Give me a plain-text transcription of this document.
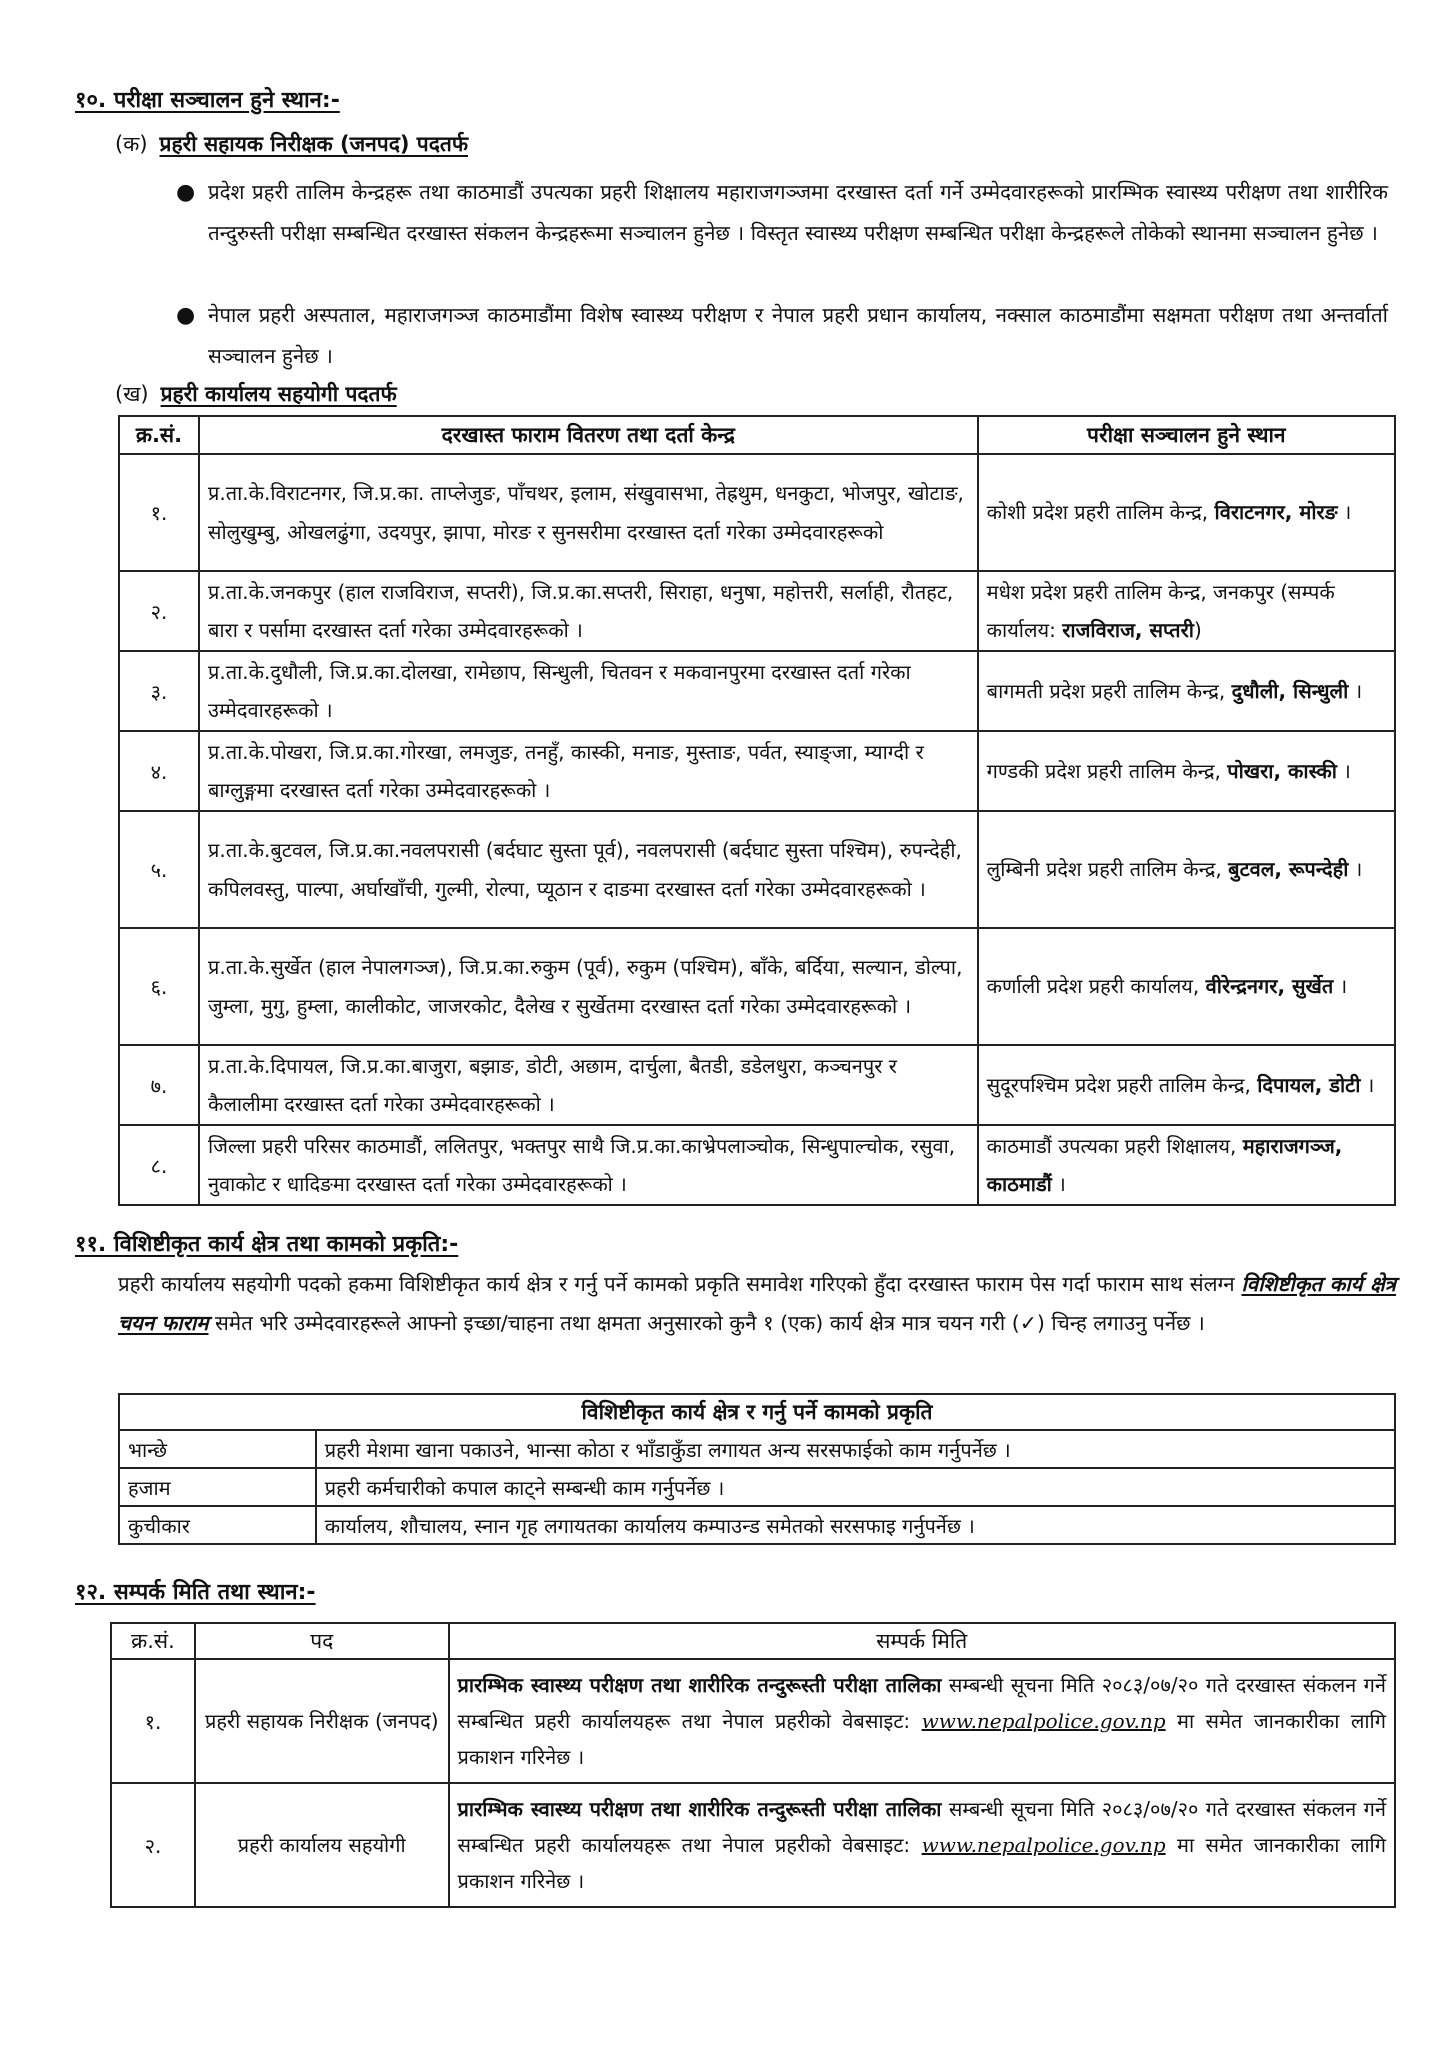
१०. परीक्षा सञ्चालन हुने स्थान:-
(क) प्रहरी सहायक निरीक्षक (जनपद) पदतर्फ
● प्रदेश प्रहरी तालिम केन्द्रहरू तथा काठमाडौं उपत्यका प्रहरी शिक्षालय महाराजगञ्जमा दरखास्त दर्ता गर्ने उम्मेदवारहरूको प्रारम्भिक स्वास्थ्य परीक्षण तथा शारीरिक तन्दुरुस्ती परीक्षा सम्बन्धित दरखास्त संकलन केन्द्रहरूमा सञ्चालन हुनेछ । विस्तृत स्वास्थ्य परीक्षण सम्बन्धित परीक्षा केन्द्रहरूले तोकेको स्थानमा सञ्चालन हुनेछ ।
● नेपाल प्रहरी अस्पताल, महाराजगञ्ज काठमाडौंमा विशेष स्वास्थ्य परीक्षण र नेपाल प्रहरी प्रधान कार्यालय, नक्साल काठमाडौंमा सक्षमता परीक्षण तथा अन्तर्वार्ता सञ्चालन हुनेछ ।
(ख) प्रहरी कार्यालय सहयोगी पदतर्फ
क्र.सं.	दरखास्त फाराम वितरण तथा दर्ता केन्द्र	परीक्षा सञ्चालन हुने स्थान
१.	प्र.ता.के.विराटनगर, जि.प्र.का. ताप्लेजुङ, पाँचथर, इलाम, संखुवासभा, तेह्रथुम, धनकुटा, भोजपुर, खोटाङ, सोलुखुम्बु, ओखलढुंगा, उदयपुर, झापा, मोरङ र सुनसरीमा दरखास्त दर्ता गरेका उम्मेदवारहरूको	कोशी प्रदेश प्रहरी तालिम केन्द्र, विराटनगर, मोरङ ।
२.	प्र.ता.के.जनकपुर (हाल राजविराज, सप्तरी), जि.प्र.का.सप्तरी, सिराहा, धनुषा, महोत्तरी, सर्लाही, रौतहट, बारा र पर्सामा दरखास्त दर्ता गरेका उम्मेदवारहरूको ।	मधेश प्रदेश प्रहरी तालिम केन्द्र, जनकपुर (सम्पर्क कार्यालय: राजविराज, सप्तरी)
३.	प्र.ता.के.दुधौली, जि.प्र.का.दोलखा, रामेछाप, सिन्धुली, चितवन र मकवानपुरमा दरखास्त दर्ता गरेका उम्मेदवारहरूको ।	बागमती प्रदेश प्रहरी तालिम केन्द्र, दुधौली, सिन्धुली ।
४.	प्र.ता.के.पोखरा, जि.प्र.का.गोरखा, लमजुङ, तनहुँ, कास्की, मनाङ, मुस्ताङ, पर्वत, स्याङ्जा, म्याग्दी र बाग्लुङ्गमा दरखास्त दर्ता गरेका उम्मेदवारहरूको ।	गण्डकी प्रदेश प्रहरी तालिम केन्द्र, पोखरा, कास्की ।
५.	प्र.ता.के.बुटवल, जि.प्र.का.नवलपरासी (बर्दघाट सुस्ता पूर्व), नवलपरासी (बर्दघाट सुस्ता पश्चिम), रुपन्देही, कपिलवस्तु, पाल्पा, अर्घाखाँची, गुल्मी, रोल्पा, प्यूठान र दाङमा दरखास्त दर्ता गरेका उम्मेदवारहरूको ।	लुम्बिनी प्रदेश प्रहरी तालिम केन्द्र, बुटवल, रूपन्देही ।
६.	प्र.ता.के.सुर्खेत (हाल नेपालगञ्ज), जि.प्र.का.रुकुम (पूर्व), रुकुम (पश्चिम), बाँके, बर्दिया, सल्यान, डोल्पा, जुम्ला, मुगु, हुम्ला, कालीकोट, जाजरकोट, दैलेख र सुर्खेतमा दरखास्त दर्ता गरेका उम्मेदवारहरूको ।	कर्णाली प्रदेश प्रहरी कार्यालय, वीरेन्द्रनगर, सुर्खेत ।
७.	प्र.ता.के.दिपायल, जि.प्र.का.बाजुरा, बझाङ, डोटी, अछाम, दार्चुला, बैतडी, डडेलधुरा, कञ्चनपुर र कैलालीमा दरखास्त दर्ता गरेका उम्मेदवारहरूको ।	सुदूरपश्चिम प्रदेश प्रहरी तालिम केन्द्र, दिपायल, डोटी ।
८.	जिल्ला प्रहरी परिसर काठमाडौं, ललितपुर, भक्तपुर साथै जि.प्र.का.काभ्रेपलाञ्चोक, सिन्धुपाल्चोक, रसुवा, नुवाकोट र धादिङमा दरखास्त दर्ता गरेका उम्मेदवारहरूको ।	काठमाडौं उपत्यका प्रहरी शिक्षालय, महाराजगञ्ज, काठमाडौं ।
११. विशिष्टीकृत कार्य क्षेत्र तथा कामको प्रकृति:-
प्रहरी कार्यालय सहयोगी पदको हकमा विशिष्टीकृत कार्य क्षेत्र र गर्नु पर्ने कामको प्रकृति समावेश गरिएको हुँदा दरखास्त फाराम पेस गर्दा फाराम साथ संलग्न विशिष्टीकृत कार्य क्षेत्र चयन फाराम समेत भरि उम्मेदवारहरूले आफ्नो इच्छा/चाहना तथा क्षमता अनुसारको कुनै १ (एक) कार्य क्षेत्र मात्र चयन गरी (✓) चिन्ह लगाउनु पर्नेछ ।
विशिष्टीकृत कार्य क्षेत्र र गर्नु पर्ने कामको प्रकृति	
भान्छे	प्रहरी मेशमा खाना पकाउने, भान्सा कोठा र भाँडाकुँडा लगायत अन्य सरसफाईको काम गर्नुपर्नेछ ।
हजाम	प्रहरी कर्मचारीको कपाल काट्ने सम्बन्धी काम गर्नुपर्नेछ ।
कुचीकार	कार्यालय, शौचालय, स्नान गृह लगायतका कार्यालय कम्पाउन्ड समेतको सरसफाइ गर्नुपर्नेछ ।
१२. सम्पर्क मिति तथा स्थान:-
क्र.सं.	पद	सम्पर्क मिति
१.	प्रहरी सहायक निरीक्षक (जनपद)	प्रारम्भिक स्वास्थ्य परीक्षण तथा शारीरिक तन्दुरूस्ती परीक्षा तालिका सम्बन्धी सूचना मिति २०८३/०७/२० गते दरखास्त संकलन गर्ने सम्बन्धित प्रहरी कार्यालयहरू तथा नेपाल प्रहरीको वेबसाइट: www.nepalpolice.gov.np मा समेत जानकारीका लागि प्रकाशन गरिनेछ ।
२.	प्रहरी कार्यालय सहयोगी	प्रारम्भिक स्वास्थ्य परीक्षण तथा शारीरिक तन्दुरूस्ती परीक्षा तालिका सम्बन्धी सूचना मिति २०८३/०७/२० गते दरखास्त संकलन गर्ने सम्बन्धित प्रहरी कार्यालयहरू तथा नेपाल प्रहरीको वेबसाइट: www.nepalpolice.gov.np मा समेत जानकारीका लागि प्रकाशन गरिनेछ ।
